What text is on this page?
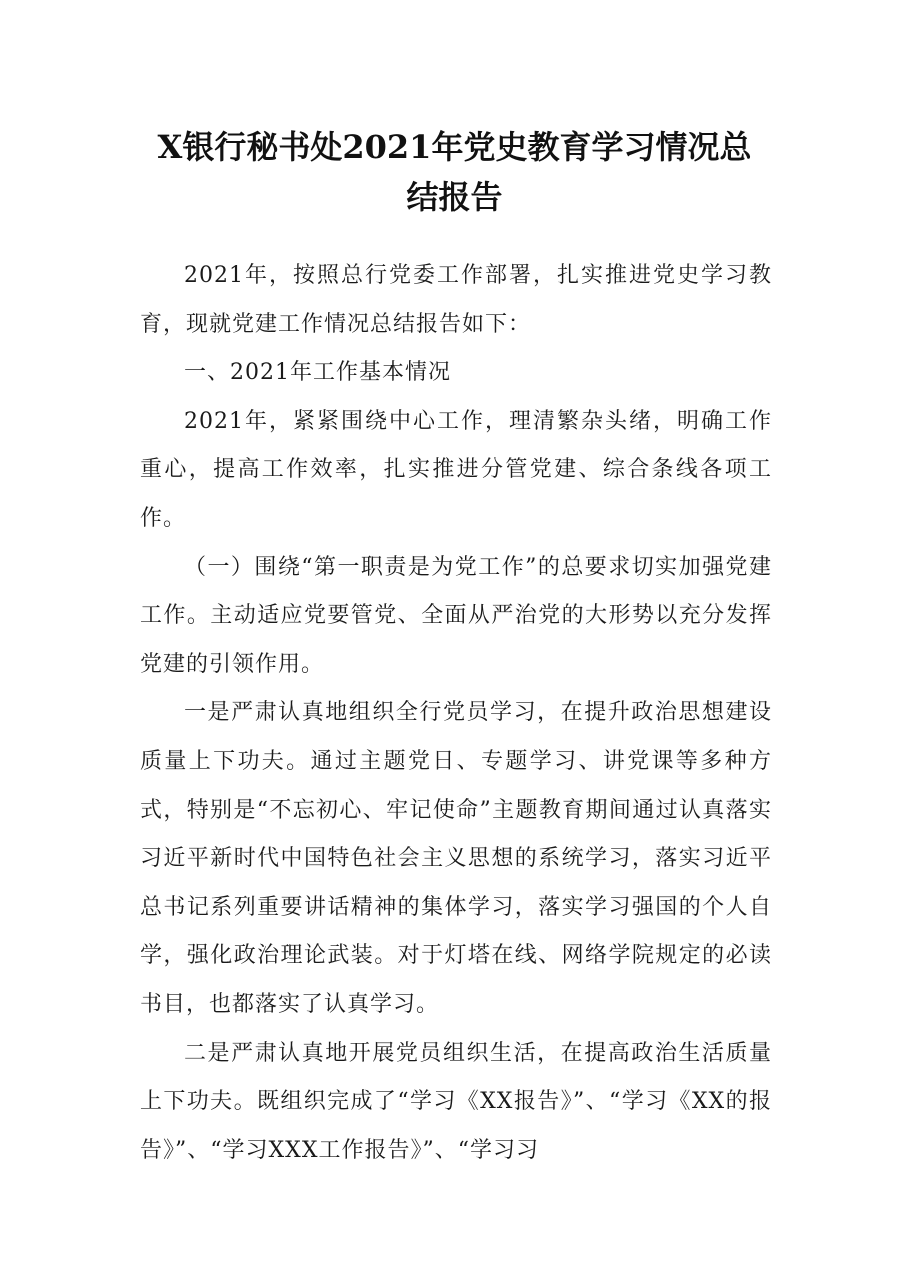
X银行秘书处2021年党史教育学习情况总
结报告

2021年，按照总行党委工作部署，扎实推进党史学习教育，现就党建工作情况总结报告如下：

一、2021年工作基本情况

2021年，紧紧围绕中心工作，理清繁杂头绪，明确工作重心，提高工作效率，扎实推进分管党建、综合条线各项工作。

（一）围绕“第一职责是为党工作”的总要求切实加强党建工作。主动适应党要管党、全面从严治党的大形势以充分发挥党建的引领作用。

一是严肃认真地组织全行党员学习，在提升政治思想建设质量上下功夫。通过主题党日、专题学习、讲党课等多种方式，特别是“不忘初心、牢记使命”主题教育期间通过认真落实习近平新时代中国特色社会主义思想的系统学习，落实习近平总书记系列重要讲话精神的集体学习，落实学习强国的个人自学，强化政治理论武装。对于灯塔在线、网络学院规定的必读书目，也都落实了认真学习。

二是严肃认真地开展党员组织生活，在提高政治生活质量上下功夫。既组织完成了“学习《XX报告》”、“学习《XX的报告》”、“学习XXX工作报告》”、“学习习
